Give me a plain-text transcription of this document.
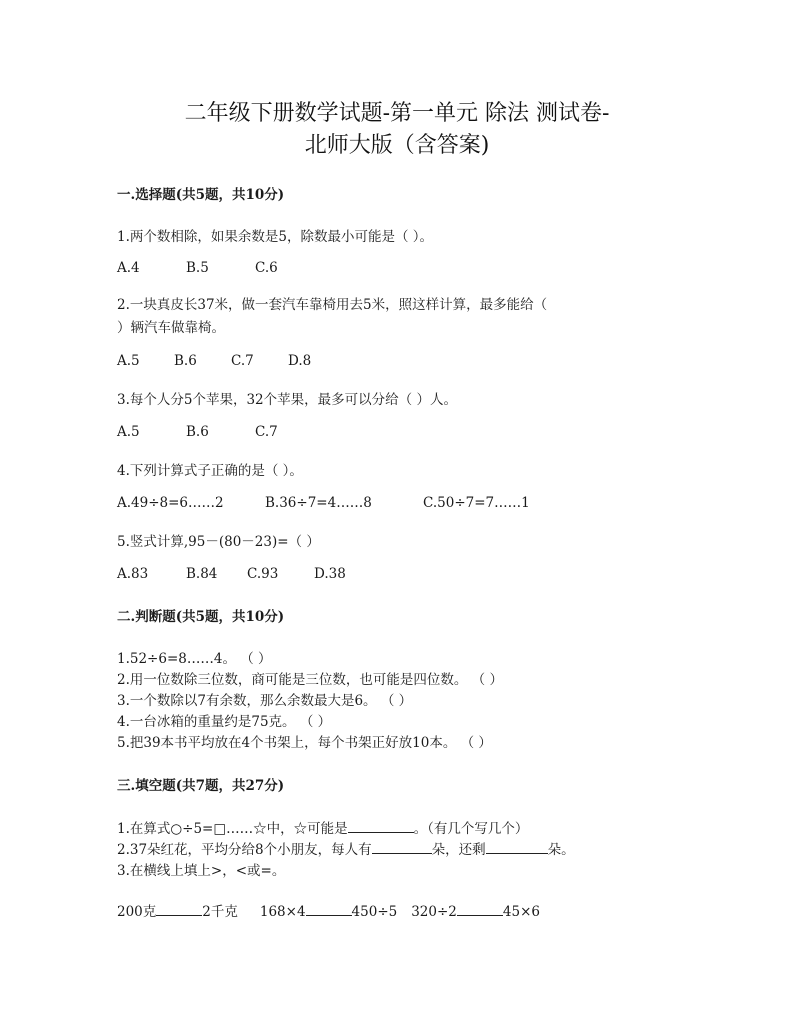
二年级下册数学试题-第一单元 除法 测试卷-
北师大版（含答案)
一.选择题(共5题，共10分)
1.两个数相除，如果余数是5，除数最小可能是（ ）。
A.4	B.5	C.6
2.一块真皮长37米，做一套汽车靠椅用去5米，照这样计算，最多能给（
）辆汽车做靠椅。
A.5	B.6	C.7	D.8
3.每个人分5个苹果，32个苹果，最多可以分给（ ）人。
A.5	B.6	C.7
4.下列计算式子正确的是（ ）。
A.49÷8=6……2	B.36÷7=4……8	C.50÷7=7……1
5.竖式计算,95－(80－23)=（ ）
A.83	B.84 C.93	D.38
二.判断题(共5题，共10分)
1.52÷6=8……4。 （ ）
2.用一位数除三位数，商可能是三位数，也可能是四位数。 （ ）
3.一个数除以7有余数，那么余数最大是6。 （ ）
4.一台冰箱的重量约是75克。 （ ）
5.把39本书平均放在4个书架上，每个书架正好放10本。 （ ）
三.填空题(共7题，共27分)
1.在算式○÷5=□……☆中，☆可能是	。（有几个写几个）
2.37朵红花，平均分给8个小朋友，每人有	朵，还剩	朵。
3.在横线上填上>，<或=。
200克	2千克 168×4	450÷5 320÷2	45×6
